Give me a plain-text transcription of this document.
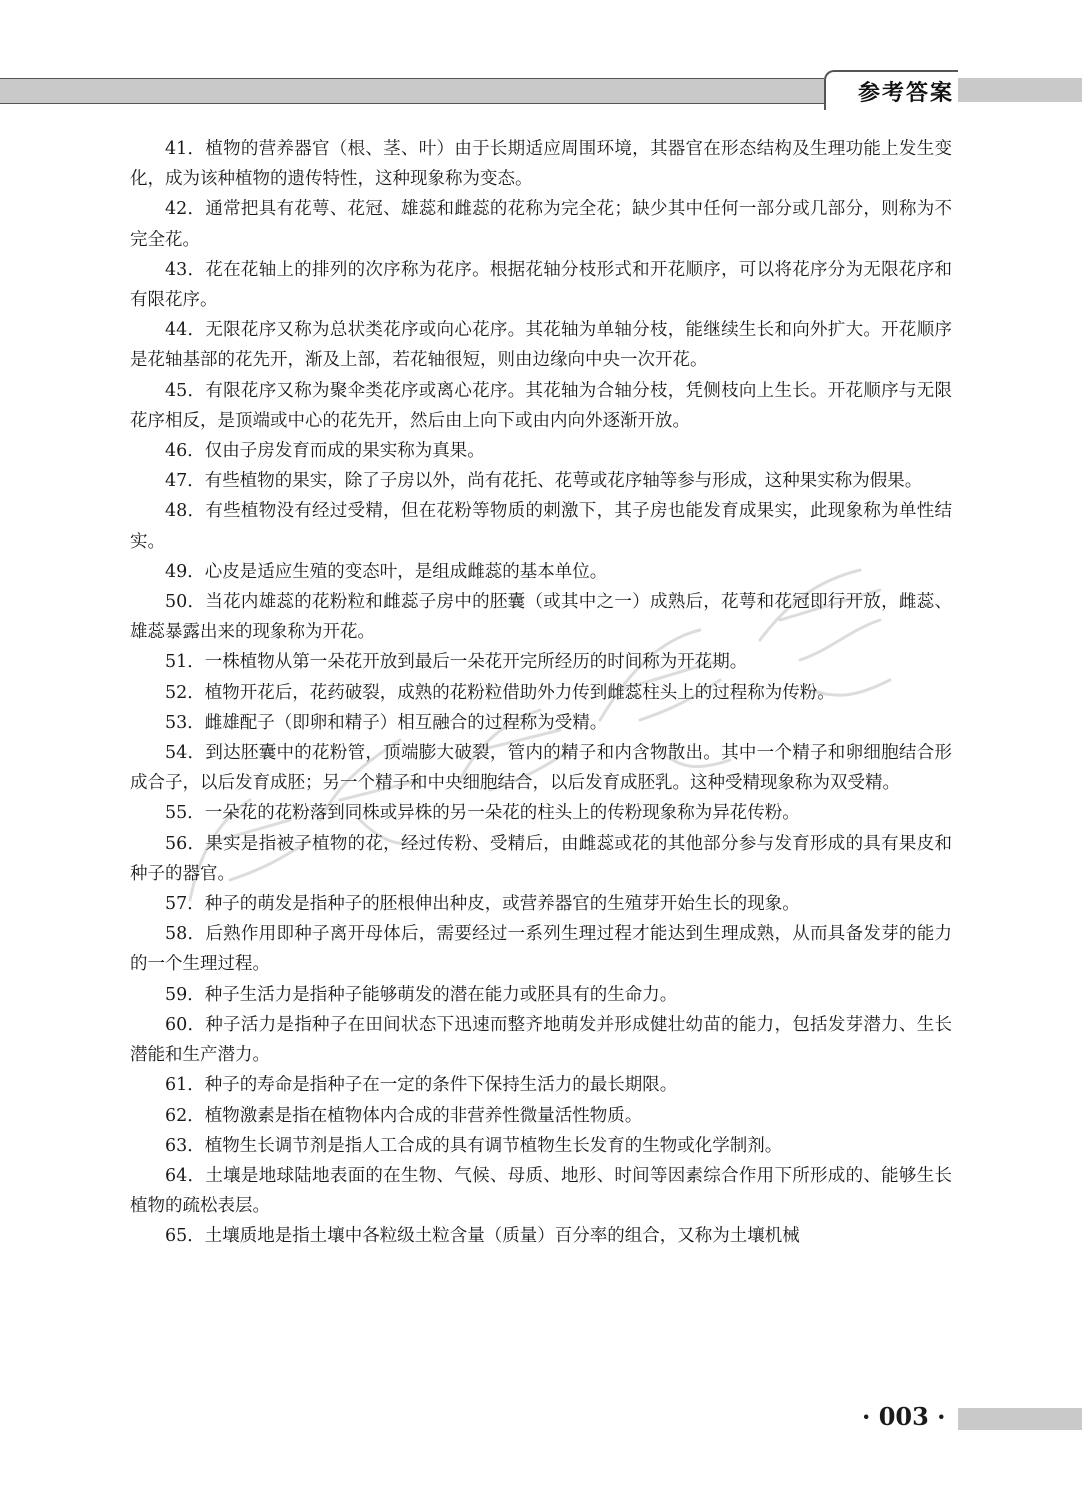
参考答案

41．植物的营养器官（根、茎、叶）由于长期适应周围环境，其器官在形态结构及生理功能上发生变化，成为该种植物的遗传特性，这种现象称为变态。

42．通常把具有花萼、花冠、雄蕊和雌蕊的花称为完全花；缺少其中任何一部分或几部分，则称为不完全花。

43．花在花轴上的排列的次序称为花序。根据花轴分枝形式和开花顺序，可以将花序分为无限花序和有限花序。

44．无限花序又称为总状类花序或向心花序。其花轴为单轴分枝，能继续生长和向外扩大。开花顺序是花轴基部的花先开，渐及上部，若花轴很短，则由边缘向中央一次开花。

45．有限花序又称为聚伞类花序或离心花序。其花轴为合轴分枝，凭侧枝向上生长。开花顺序与无限花序相反，是顶端或中心的花先开，然后由上向下或由内向外逐渐开放。

46．仅由子房发育而成的果实称为真果。

47．有些植物的果实，除了子房以外，尚有花托、花萼或花序轴等参与形成，这种果实称为假果。

48．有些植物没有经过受精，但在花粉等物质的刺激下，其子房也能发育成果实，此现象称为单性结实。

49．心皮是适应生殖的变态叶，是组成雌蕊的基本单位。

50．当花内雄蕊的花粉粒和雌蕊子房中的胚囊（或其中之一）成熟后，花萼和花冠即行开放，雌蕊、雄蕊暴露出来的现象称为开花。

51．一株植物从第一朵花开放到最后一朵花开完所经历的时间称为开花期。

52．植物开花后，花药破裂，成熟的花粉粒借助外力传到雌蕊柱头上的过程称为传粉。

53．雌雄配子（即卵和精子）相互融合的过程称为受精。

54．到达胚囊中的花粉管，顶端膨大破裂，管内的精子和内含物散出。其中一个精子和卵细胞结合形成合子，以后发育成胚；另一个精子和中央细胞结合，以后发育成胚乳。这种受精现象称为双受精。

55．一朵花的花粉落到同株或异株的另一朵花的柱头上的传粉现象称为异花传粉。

56．果实是指被子植物的花，经过传粉、受精后，由雌蕊或花的其他部分参与发育形成的具有果皮和种子的器官。

57．种子的萌发是指种子的胚根伸出种皮，或营养器官的生殖芽开始生长的现象。

58．后熟作用即种子离开母体后，需要经过一系列生理过程才能达到生理成熟，从而具备发芽的能力的一个生理过程。

59．种子生活力是指种子能够萌发的潜在能力或胚具有的生命力。

60．种子活力是指种子在田间状态下迅速而整齐地萌发并形成健壮幼苗的能力，包括发芽潜力、生长潜能和生产潜力。

61．种子的寿命是指种子在一定的条件下保持生活力的最长期限。

62．植物激素是指在植物体内合成的非营养性微量活性物质。

63．植物生长调节剂是指人工合成的具有调节植物生长发育的生物或化学制剂。

64．土壤是地球陆地表面的在生物、气候、母质、地形、时间等因素综合作用下所形成的、能够生长植物的疏松表层。

65．土壤质地是指土壤中各粒级土粒含量（质量）百分率的组合，又称为土壤机械

· 003 ·
